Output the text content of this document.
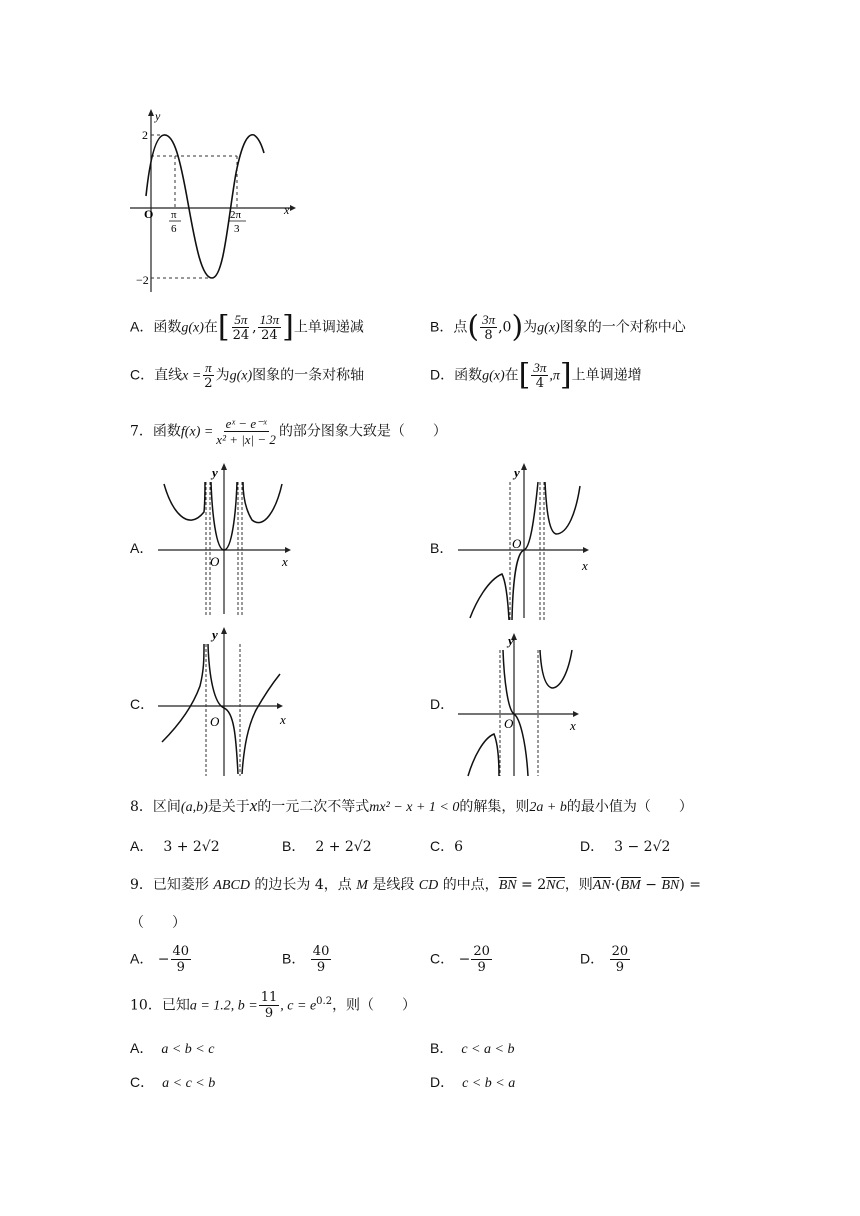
2
−2
O
y
x
π
6
2π
3
A．函数g(x)在[ $\frac{5\pi}{24}$ , $\frac{13\pi}{24}$ ]上单调递减	B．点( $\frac{3\pi}{8} ,0$)为g(x)图象的一个对称中心
C．直线$x = \frac{\pi}{2}$ 为g(x)图象的一条对称轴	D．函数g(x)在[ $\frac{3\pi}{4} ,\pi$]上单调递增
7．函数$f(x) = \frac{\text{eˣ − e⁻ˣ}}{\text{x² + |x| − 2}}$ 的部分图象大致是（　　）
A．
y
O	x
B．
y
O
x
C．
y
O	x
D．
y
O	x
8．区间(a,b)是关于x的一元二次不等式mx² − x + 1 < 0的解集，则2a + b的最小值为（　　）
A． 3 + 2√2	B． 2 + 2√2	C．6	D． 3 − 2√2
9．已知菱形 ABCD 的边长为 4，点 M 是线段 CD 的中点，$\overline{BN} = 2\overline{NC}$，则$\overline{AN}\cdot(\overline{BM} - \overline{BN})$ =
（　　）
A． − $\frac{40}{9}$	B． $\frac{40}{9}$	C． − $\frac{20}{9}$	D． $\frac{20}{9}$
10．已知a = 1.2, $b = \frac{11}{9}$ , $c = e^{0.2}$，则（　　）
A． a < b < c	B． c < a < b
C． a < c < b	D． c < b < a
